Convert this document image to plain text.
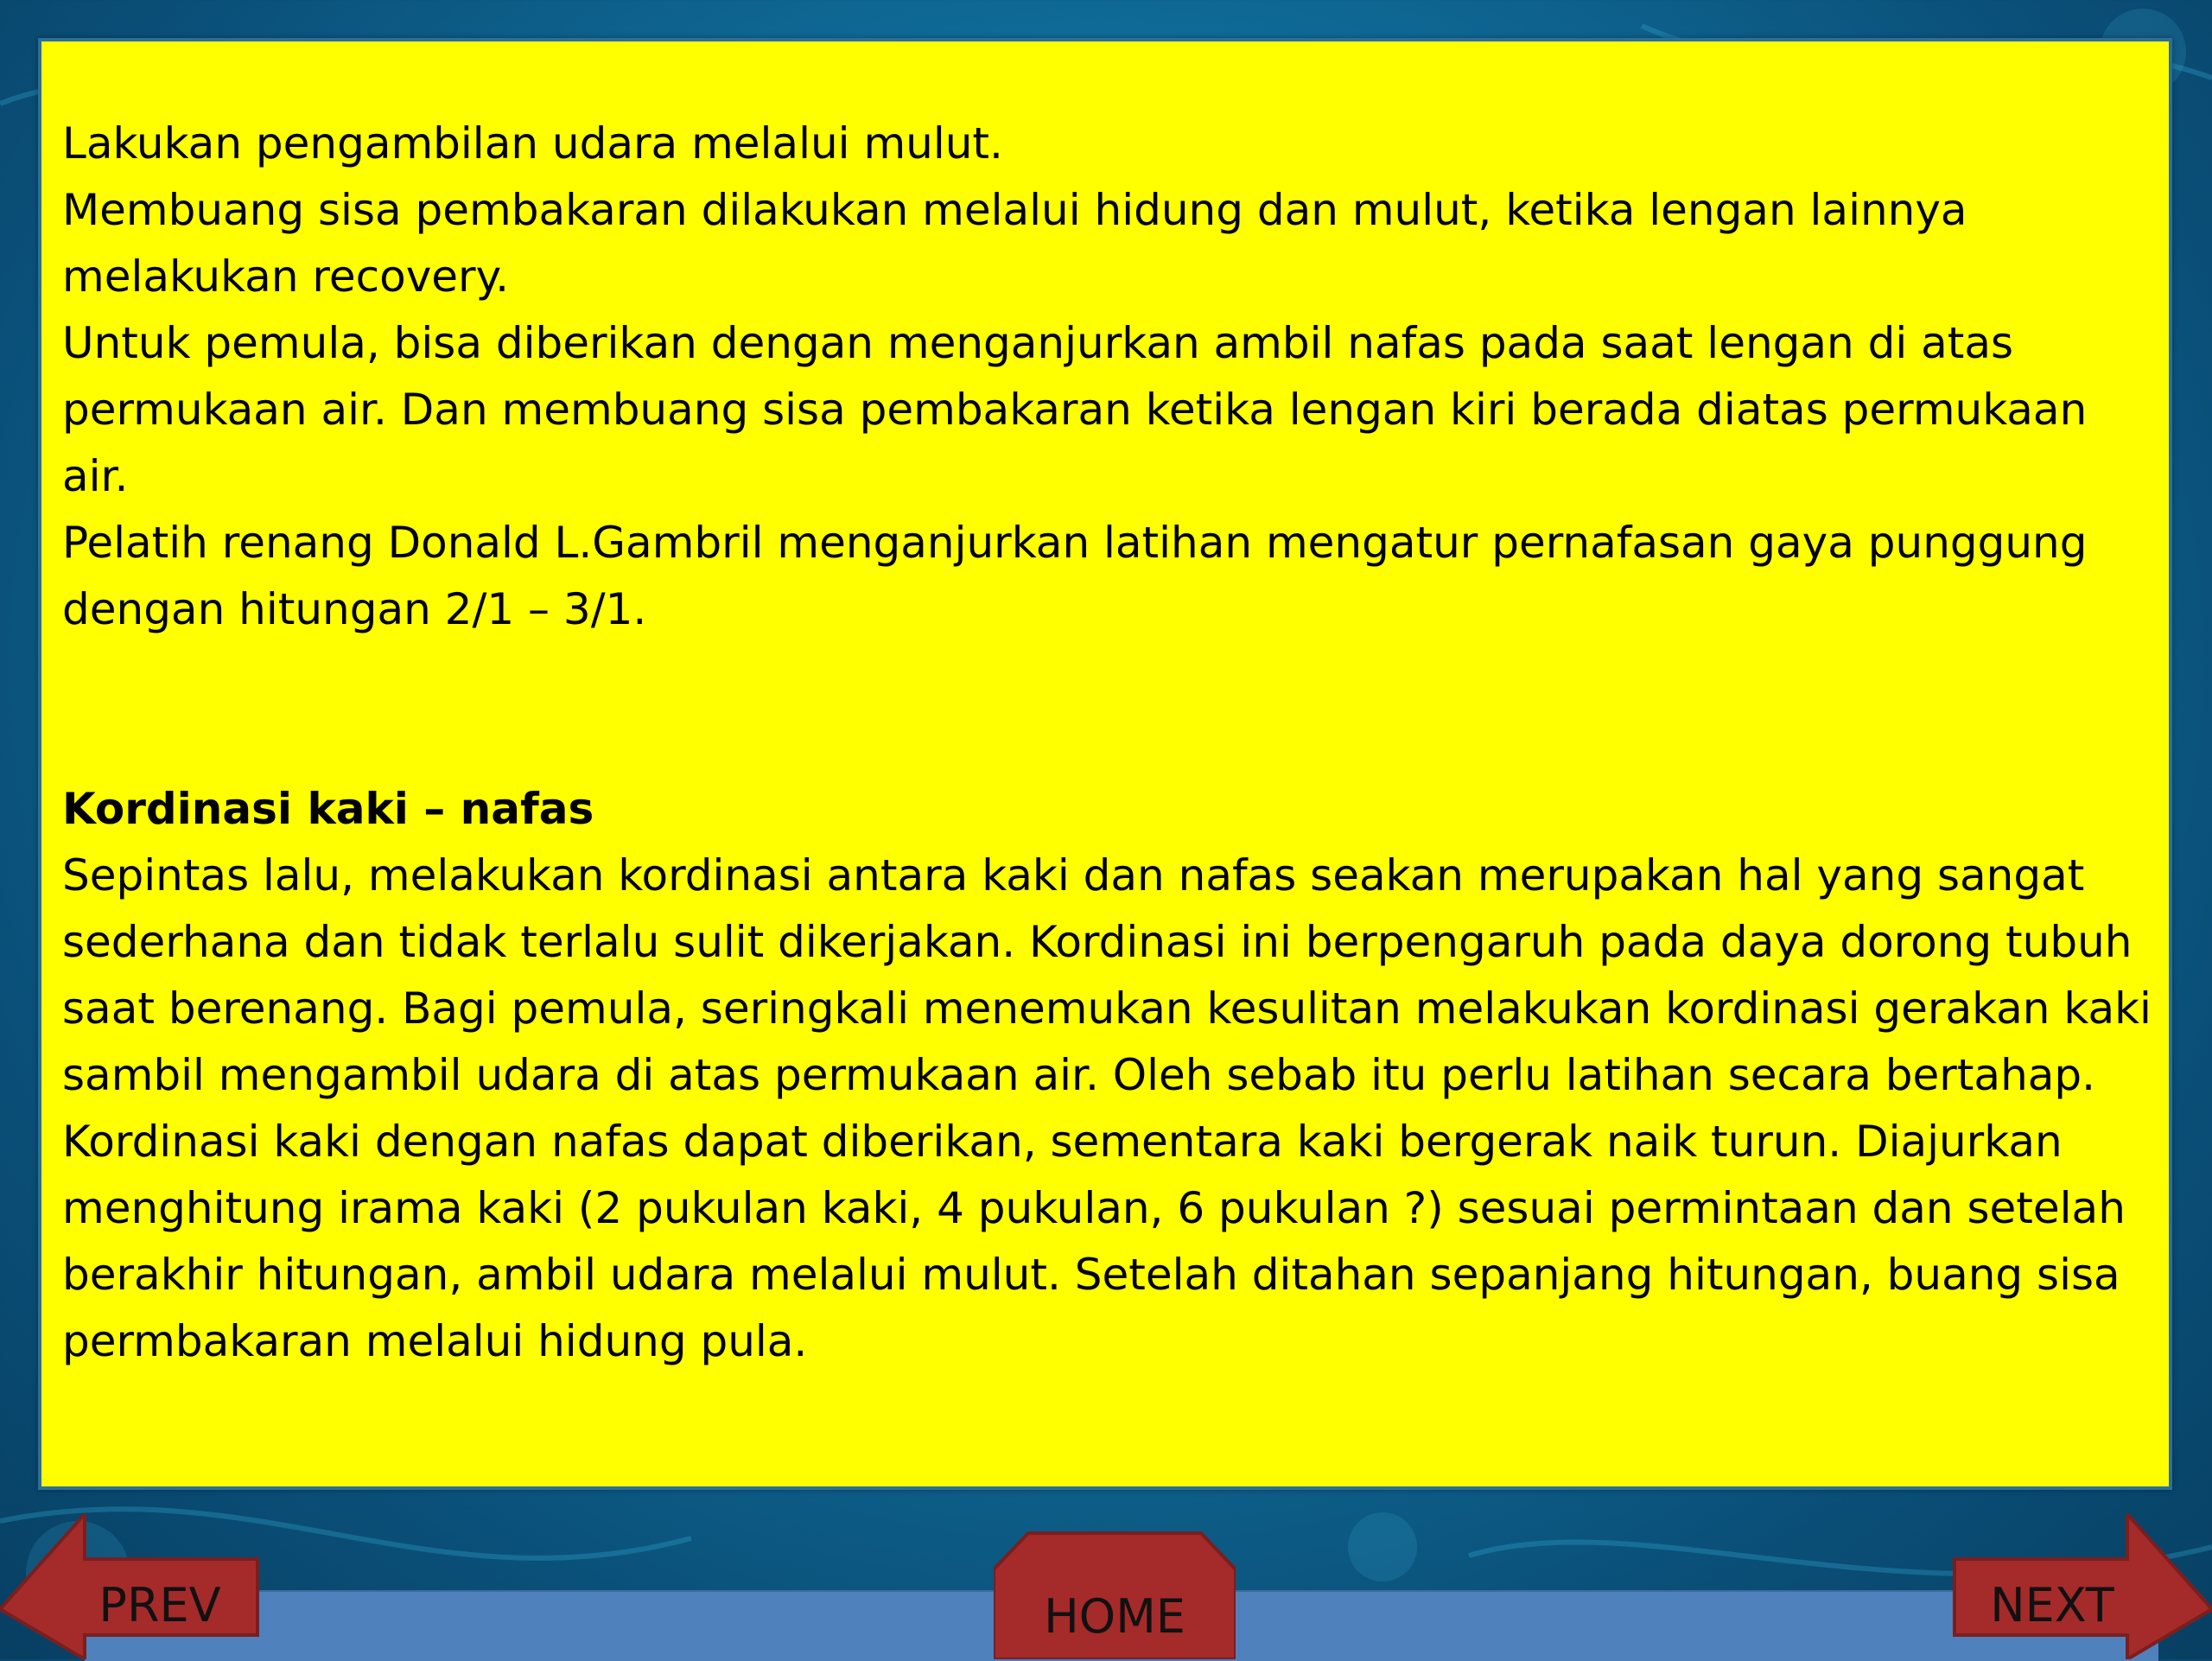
Lakukan pengambilan udara melalui mulut.

Membuang sisa pembakaran dilakukan melalui hidung dan mulut, ketika lengan lainnya melakukan recovery.

Untuk pemula, bisa diberikan dengan menganjurkan ambil nafas pada saat lengan di atas permukaan air. Dan membuang sisa pembakaran ketika lengan kiri berada diatas permukaan air.

Pelatih renang Donald L.Gambril menganjurkan latihan mengatur pernafasan gaya punggung dengan hitungan 2/1 – 3/1.

Kordinasi kaki – nafas

Sepintas lalu, melakukan kordinasi antara kaki dan nafas seakan merupakan hal yang sangat sederhana dan tidak terlalu sulit dikerjakan. Kordinasi ini berpengaruh pada daya dorong tubuh saat berenang. Bagi pemula, seringkali menemukan kesulitan melakukan kordinasi gerakan kaki sambil mengambil udara di atas permukaan air. Oleh sebab itu perlu latihan secara bertahap.

Kordinasi kaki dengan nafas dapat diberikan, sementara kaki bergerak naik turun. Diajurkan menghitung irama kaki (2 pukulan kaki, 4 pukulan, 6 pukulan ?) sesuai permintaan dan setelah berakhir hitungan, ambil udara melalui mulut. Setelah ditahan sepanjang hitungan, buang sisa permbakaran melalui hidung pula.

PREV	HOME	NEXT
